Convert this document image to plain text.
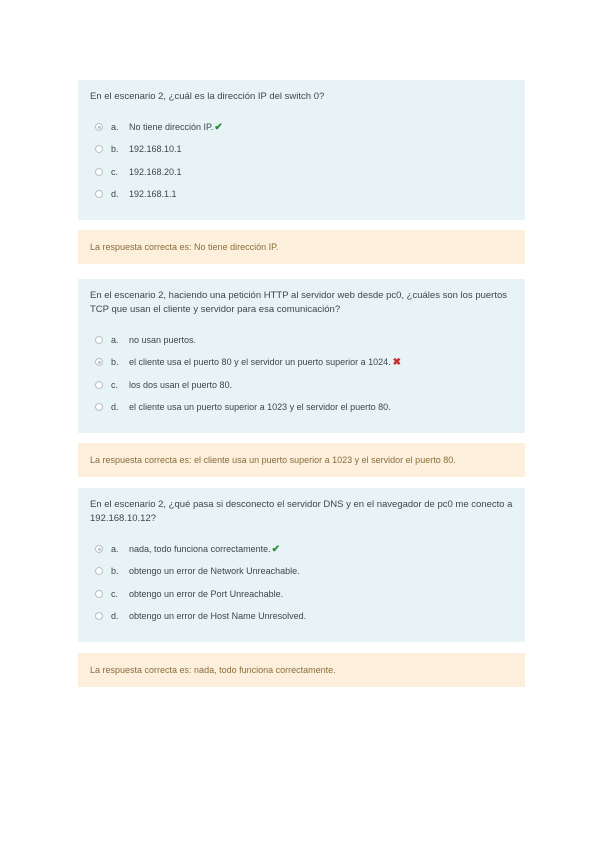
En el escenario 2, ¿cuál es la dirección IP del switch 0?

a.	No tiene dirección IP. ✔
b.	192.168.10.1
c.	192.168.20.1
d.	192.168.1.1
La respuesta correcta es: No tiene dirección IP.

En el escenario 2, haciendo una petición HTTP al servidor web desde pc0, ¿cuáles son los puertos TCP que usan el cliente y servidor para esa comunicación?

a.	no usan puertos.
b.	el cliente usa el puerto 80 y el servidor un puerto superior a 1024. ✖
c.	los dos usan el puerto 80.
d.	el cliente usa un puerto superior a 1023 y el servidor el puerto 80.
La respuesta correcta es: el cliente usa un puerto superior a 1023 y el servidor el puerto 80.

En el escenario 2, ¿qué pasa si desconecto el servidor DNS y en el navegador de pc0 me conecto a 192.168.10.12?

a.	nada, todo funciona correctamente. ✔
b.	obtengo un error de Network Unreachable.
c.	obtengo un error de Port Unreachable.
d.	obtengo un error de Host Name Unresolved.
La respuesta correcta es: nada, todo funciona correctamente.
